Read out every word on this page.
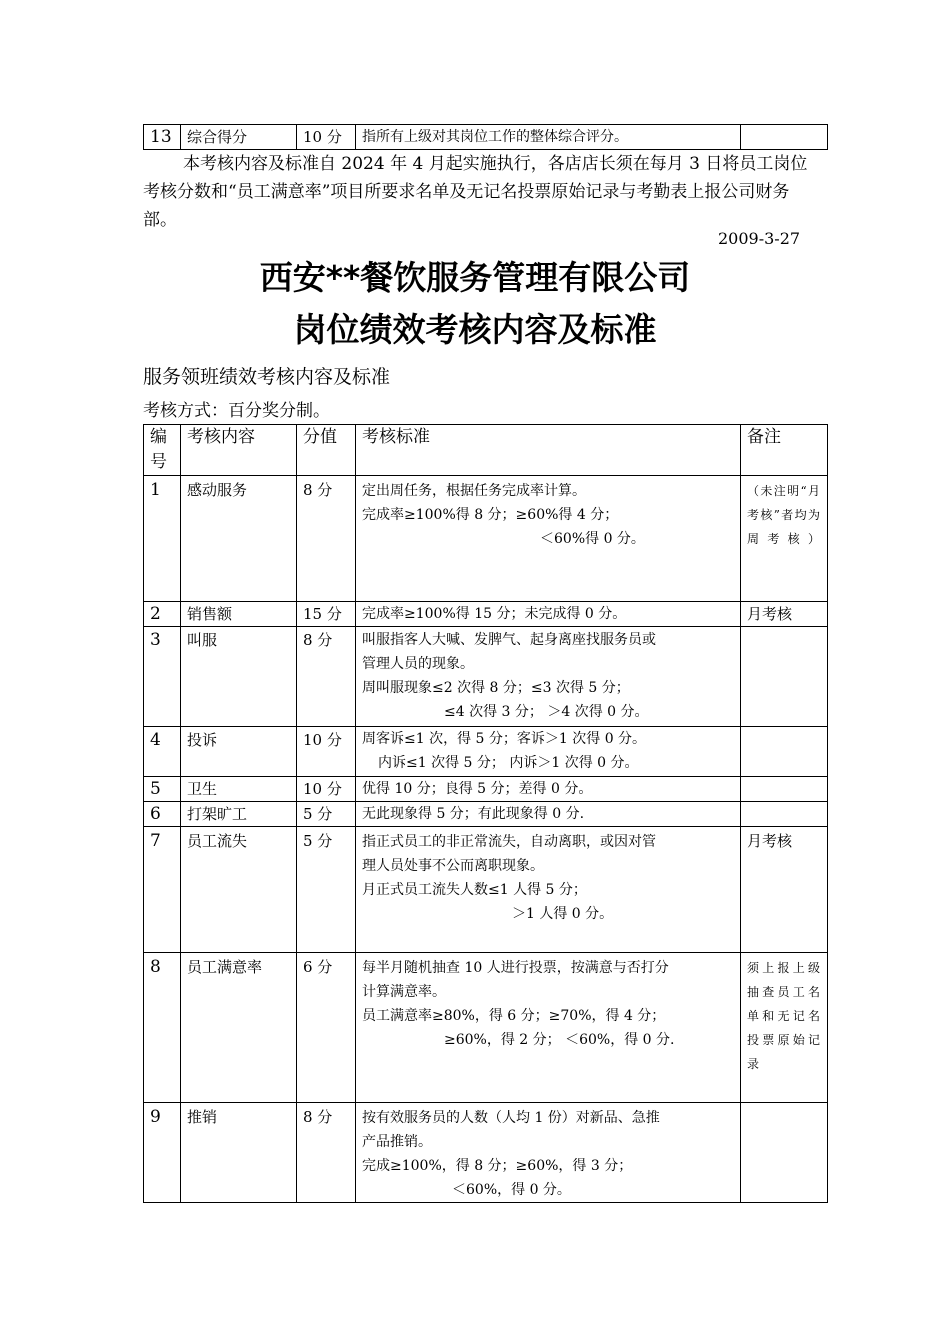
13	综合得分	10 分	指所有上级对其岗位工作的整体综合评分。	

本考核内容及标准自 2024 年 4 月起实施执行，各店店长须在每月 3 日将员工岗位考核分数和“员工满意率”项目所要求名单及无记名投票原始记录与考勤表上报公司财务部。

2009-3-27
西安**餐饮服务管理有限公司
岗位绩效考核内容及标准
服务领班绩效考核内容及标准
考核方式：百分奖分制。
编号	考核内容	分值	考核标准	备注
1	感动服务	8 分	定出周任务，根据任务完成率计算。
完成率≥100%得 8 分；≥60%得 4 分；
＜60%得 0 分。	（未注明“月考核”者均为周考核）
2	销售额	15 分	完成率≥100%得 15 分；未完成得 0 分。	月考核
3	叫服	8 分	叫服指客人大喊、发脾气、起身离座找服务员或
管理人员的现象。
周叫服现象≤2 次得 8 分；≤3 次得 5 分；
≤4 次得 3 分； ＞4 次得 0 分。	

4	投诉	10 分	周客诉≤1 次，得 5 分；客诉＞1 次得 0 分。
内诉≤1 次得 5 分； 内诉＞1 次得 0 分。	

5	卫生	10 分	优得 10 分；良得 5 分；差得 0 分。	

6	打架旷工	5 分	无此现象得 5 分；有此现象得 0 分.	

7	员工流失	5 分	指正式员工的非正常流失，自动离职，或因对管
理人员处事不公而离职现象。
月正式员工流失人数≤1 人得 5 分；
＞1 人得 0 分。	月考核
8	员工满意率	6 分	每半月随机抽查 10 人进行投票，按满意与否打分
计算满意率。
员工满意率≥80%，得 6 分；≥70%，得 4 分；
≥60%，得 2 分； ＜60%，得 0 分.	须上报上级抽查员工名单和无记名投票原始记录
9	推销	8 分	按有效服务员的人数（人均 1 份）对新品、急推
产品推销。
完成≥100%，得 8 分；≥60%，得 3 分；
＜60%，得 0 分。	
